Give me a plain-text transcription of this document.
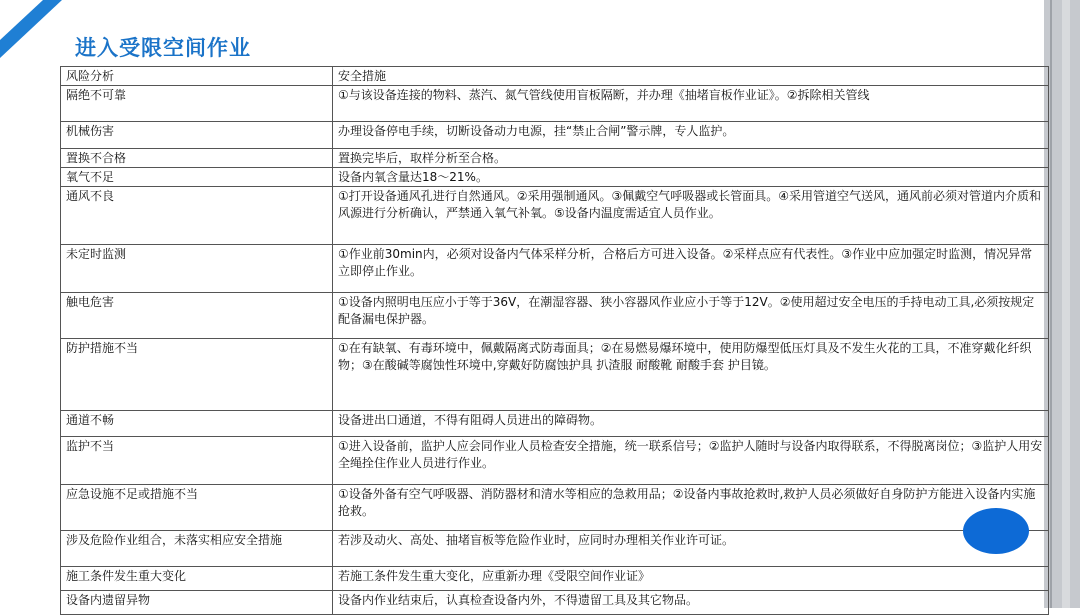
进入受限空间作业
风险分析	安全措施
隔绝不可靠	①与该设备连接的物料、蒸汽、氮气管线使用盲板隔断，并办理《抽堵盲板作业证》。②拆除相关管线
机械伤害	办理设备停电手续，切断设备动力电源，挂“禁止合闸”警示牌，专人监护。
置换不合格	置换完毕后，取样分析至合格。
氧气不足	设备内氧含量达18～21%。
通风不良	①打开设备通风孔进行自然通风。②采用强制通风。③佩戴空气呼吸器或长管面具。④采用管道空气送风，通风前必须对管道内介质和风源进行分析确认，严禁通入氧气补氧。⑤设备内温度需适宜人员作业。
未定时监测	①作业前30min内，必须对设备内气体采样分析，合格后方可进入设备。②采样点应有代表性。③作业中应加强定时监测，情况异常立即停止作业。
触电危害	①设备内照明电压应小于等于36V，在潮湿容器、狭小容器风作业应小于等于12V。②使用超过安全电压的手持电动工具,必须按规定配备漏电保护器。
防护措施不当	①在有缺氧、有毒环境中，佩戴隔离式防毒面具；②在易燃易爆环境中，使用防爆型低压灯具及不发生火花的工具，不准穿戴化纤织物；③在酸碱等腐蚀性环境中,穿戴好防腐蚀护具 扒渣服 耐酸靴 耐酸手套 护目镜。
通道不畅	设备进出口通道，不得有阻碍人员进出的障碍物。
监护不当	①进入设备前，监护人应会同作业人员检查安全措施，统一联系信号；②监护人随时与设备内取得联系，不得脱离岗位；③监护人用安全绳拴住作业人员进行作业。
应急设施不足或措施不当	①设备外备有空气呼吸器、消防器材和清水等相应的急救用品；②设备内事故抢救时,救护人员必须做好自身防护方能进入设备内实施抢救。
涉及危险作业组合，未落实相应安全措施	若涉及动火、高处、抽堵盲板等危险作业时，应同时办理相关作业许可证。
施工条件发生重大变化	若施工条件发生重大变化，应重新办理《受限空间作业证》
设备内遗留异物	设备内作业结束后，认真检查设备内外，不得遗留工具及其它物品。
